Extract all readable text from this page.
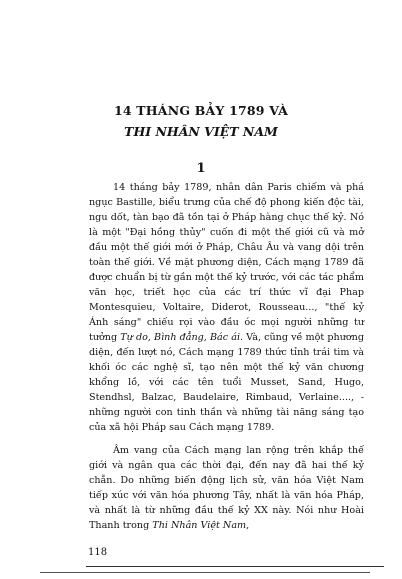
14 THÁNG BẢY 1789 VÀ
THI NHÂN VIỆT NAM
1

14 tháng bảy 1789, nhân dân Paris chiếm và phá ngục Bastille, biểu trưng của chế độ phong kiến độc tài, ngu dốt, tàn bạo đã tồn tại ở Pháp hàng chục thế kỷ. Nó là một "Đại hồng thủy" cuốn đi một thế giới cũ và mở đầu một thế giới mới ở Pháp, Châu Âu và vang dội trên toàn thế giới. Về mặt phương diện, Cách mạng 1789 đã được chuẩn bị từ gần một thế kỷ trước, với các tác phẩm văn học, triết học của các trí thức vĩ đại Phap Montesquieu, Voltaire, Diderot, Rousseau..., "thế kỷ Ánh sáng" chiếu rọi vào đầu óc mọi người những tư tưởng Tự do, Bình đẳng, Bác ái. Và, cũng về một phương diện, đến lượt nó, Cách mạng 1789 thức tỉnh trái tim và khối óc các nghệ sĩ, tạo nên một thế kỷ văn chương khổng lồ, với các tên tuổi Musset, Sand, Hugo, Stendhsl, Balzac, Baudelaire, Rimbaud, Verlaine...., - những người con tinh thần và những tài năng sáng tạo của xã hội Pháp sau Cách mạng 1789.

Âm vang của Cách mạng lan rộng trên khắp thế giới và ngân qua các thời đại, đến nay đã hai thế kỷ chẵn. Do những biến động lịch sử, văn hóa Việt Nam tiếp xúc với văn hóa phương Tây, nhất là văn hóa Pháp, và nhất là từ những đầu thế kỷ XX này. Nói như Hoài Thanh trong Thi Nhân Việt Nam,

118
